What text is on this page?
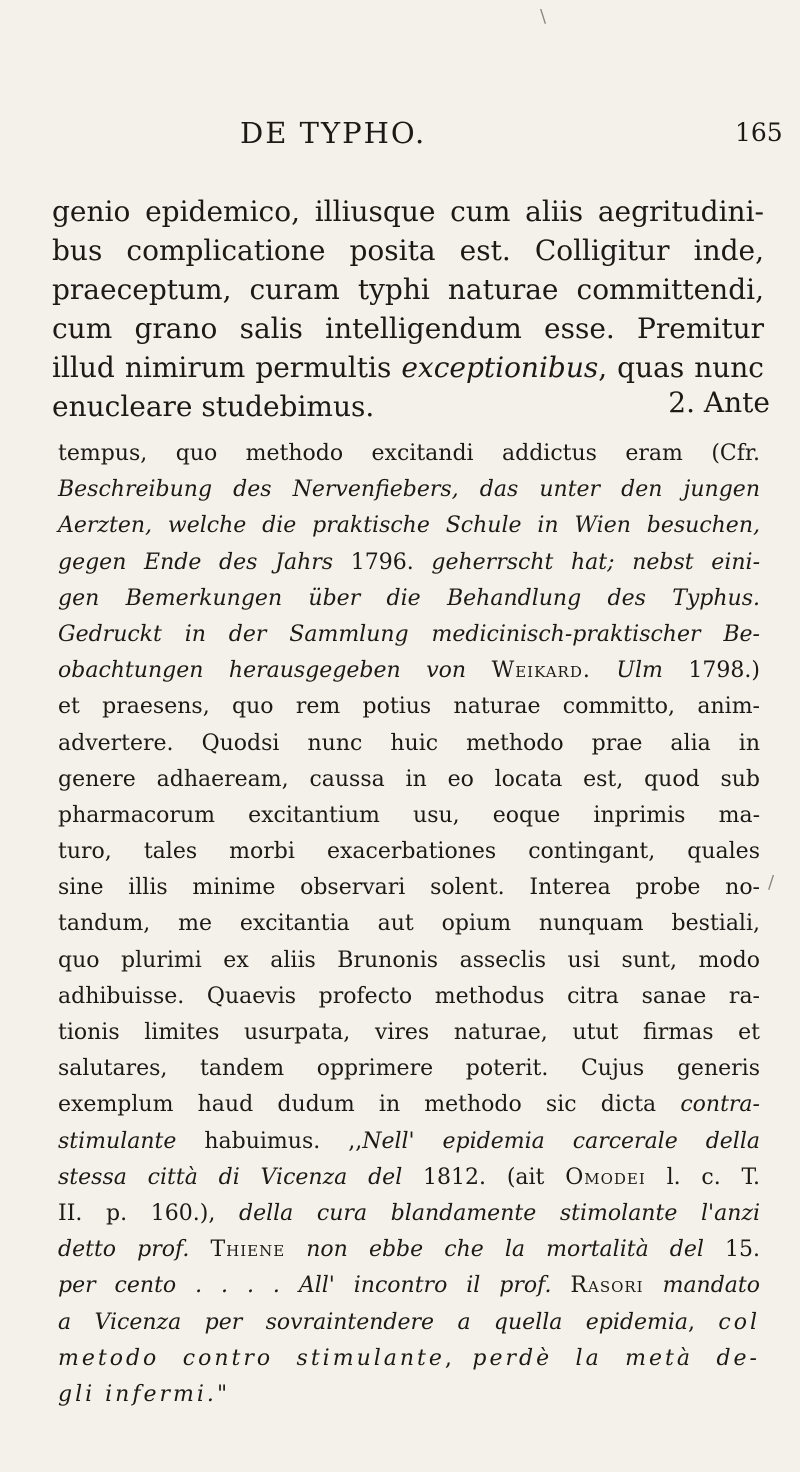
\
/
DE TYPHO.	165
genio epidemico, illiusque cum aliis aegritudini-
bus complicatione posita est. Colligitur inde,
praeceptum, curam typhi naturae committendi,
cum grano salis intelligendum esse. Premitur
illud nimirum permultis exceptionibus, quas nunc
enucleare studebimus.	2. Ante
tempus, quo methodo excitandi addictus eram (Cfr.
Beschreibung des Nervenfiebers, das unter den jungen
Aerzten, welche die praktische Schule in Wien besuchen,
gegen Ende des Jahrs 1796. geherrscht hat; nebst eini-
gen Bemerkungen über die Behandlung des Typhus.
Gedruckt in der Sammlung medicinisch-praktischer Be-
obachtungen herausgegeben von Weikard. Ulm 1798.)
et praesens, quo rem potius naturae committo, anim-
advertere. Quodsi nunc huic methodo prae alia in
genere adhaeream, caussa in eo locata est, quod sub
pharmacorum excitantium usu, eoque inprimis ma-
turo, tales morbi exacerbationes contingant, quales
sine illis minime observari solent. Interea probe no-
tandum, me excitantia aut opium nunquam bestiali,
quo plurimi ex aliis Brunonis asseclis usi sunt, modo
adhibuisse. Quaevis profecto methodus citra sanae ra-
tionis limites usurpata, vires naturae, utut firmas et
salutares, tandem opprimere poterit. Cujus generis
exemplum haud dudum in methodo sic dicta contra-
stimulante habuimus. ,,Nell' epidemia carcerale della
stessa città di Vicenza del 1812. (ait Omodei l. c. T.
II. p. 160.), della cura blandamente stimolante l'anzi
detto prof. Thiene non ebbe che la mortalità del 15.
per cento . . . . All' incontro il prof. Rasori mandato
a Vicenza per sovraintendere a quella epidemia, col
metodo contro stimulante, perdè la metà de-
gli infermi."
